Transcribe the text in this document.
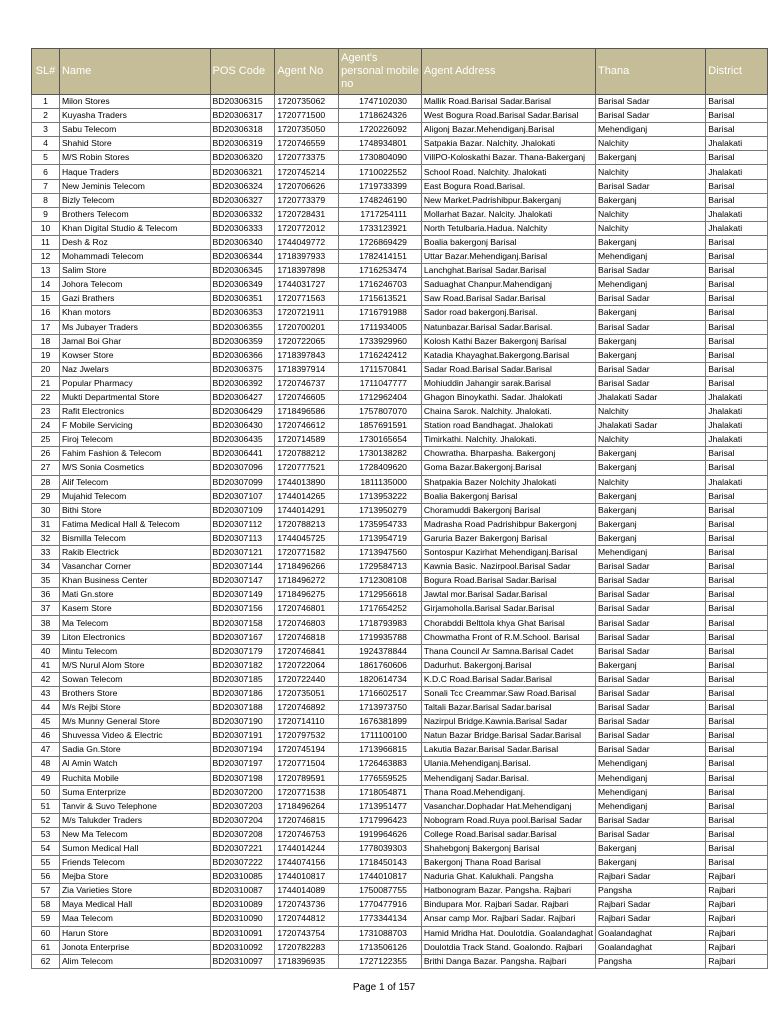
SL#	Name	POS Code	Agent No	Agent's personal mobile no	Agent Address	Thana	District
1	Milon Stores	BD20306315	1720735062	1747102030	Mallik Road.Barisal Sadar.Barisal	Barisal Sadar	Barisal
2	Kuyasha Traders	BD20306317	1720771500	1718624326	West Bogura Road.Barisal Sadar.Barisal	Barisal Sadar	Barisal
3	Sabu Telecom	BD20306318	1720735050	1720226092	Aligonj Bazar.Mehendiganj.Barisal	Mehendiganj	Barisal
4	Shahid Store	BD20306319	1720746559	1748934801	Satpakia Bazar. Nalchity. Jhalokati	Nalchity	Jhalakati
5	M/S Robin Stores	BD20306320	1720773375	1730804090	VillPO-Koloskathi Bazar. Thana-Bakerganj	Bakerganj	Barisal
6	Haque Traders	BD20306321	1720745214	1710022552	School Road. Nalchity. Jhalokati	Nalchity	Jhalakati
7	New Jeminis Telecom	BD20306324	1720706626	1719733399	East Bogura Road.Barisal.	Barisal Sadar	Barisal
8	Bizly Telecom	BD20306327	1720773379	1748246190	New Market.Padrishibpur.Bakerganj	Bakerganj	Barisal
9	Brothers Telecom	BD20306332	1720728431	1717254111	Mollarhat Bazar. Nalcity. Jhalokati	Nalchity	Jhalakati
10	Khan Digital Studio & Telecom	BD20306333	1720772012	1733123921	North Tetulbaria.Hadua. Nalchity	Nalchity	Jhalakati
11	Desh & Roz	BD20306340	1744049772	1726869429	Boalia bakergonj Barisal	Bakerganj	Barisal
12	Mohammadi Telecom	BD20306344	1718397933	1782414151	Uttar Bazar.Mehendiganj.Barisal	Mehendiganj	Barisal
13	Salim Store	BD20306345	1718397898	1716253474	Lanchghat.Barisal Sadar.Barisal	Barisal Sadar	Barisal
14	Johora Telecom	BD20306349	1744031727	1716246703	Saduaghat Chanpur.Mahendiganj	Mehendiganj	Barisal
15	Gazi Brathers	BD20306351	1720771563	1715613521	Saw Road.Barisal Sadar.Barisal	Barisal Sadar	Barisal
16	Khan motors	BD20306353	1720721911	1716791988	Sador road bakergonj.Barisal.	Bakerganj	Barisal
17	Ms Jubayer Traders	BD20306355	1720700201	1711934005	Natunbazar.Barisal Sadar.Barisal.	Barisal Sadar	Barisal
18	Jamal Boi Ghar	BD20306359	1720722065	1733929960	Kolosh Kathi Bazer Bakergonj Barisal	Bakerganj	Barisal
19	Kowser Store	BD20306366	1718397843	1716242412	Katadia Khayaghat.Bakergong.Barisal	Bakerganj	Barisal
20	Naz Jwelars	BD20306375	1718397914	1711570841	Sadar Road.Barisal Sadar.Barisal	Barisal Sadar	Barisal
21	Popular Pharmacy	BD20306392	1720746737	1711047777	Mohiuddin Jahangir sarak.Barisal	Barisal Sadar	Barisal
22	Mukti Departmental Store	BD20306427	1720746605	1712962404	Ghagon Binoykathi. Sadar. Jhalokati	Jhalakati Sadar	Jhalakati
23	Rafit Electronics	BD20306429	1718496586	1757807070	Chaina Sarok. Nalchity. Jhalokati.	Nalchity	Jhalakati
24	F Mobile Servicing	BD20306430	1720746612	1857691591	Station road Bandhagat. Jhalokati	Jhalakati Sadar	Jhalakati
25	Firoj Telecom	BD20306435	1720714589	1730165654	Timirkathi. Nalchity. Jhalokati.	Nalchity	Jhalakati
26	Fahim Fashion & Telecom	BD20306441	1720788212	1730138282	Chowratha. Bharpasha. Bakergonj	Bakerganj	Barisal
27	M/S Sonia Cosmetics	BD20307096	1720777521	1728409620	Goma Bazar.Bakergonj.Barisal	Bakerganj	Barisal
28	Alif Telecom	BD20307099	1744013890	1811135000	Shatpakia Bazer Nolchity Jhalokati	Nalchity	Jhalakati
29	Mujahid Telecom	BD20307107	1744014265	1713953222	Boalia Bakergonj Barisal	Bakerganj	Barisal
30	Bithi Store	BD20307109	1744014291	1713950279	Choramuddi Bakergonj Barisal	Bakerganj	Barisal
31	Fatima Medical Hall & Telecom	BD20307112	1720788213	1735954733	Madrasha Road Padrishibpur Bakergonj	Bakerganj	Barisal
32	Bismilla Telecom	BD20307113	1744045725	1713954719	Garuria Bazer Bakergonj Barisal	Bakerganj	Barisal
33	Rakib Electrick	BD20307121	1720771582	1713947560	Sontospur Kazirhat Mehendiganj.Barisal	Mehendiganj	Barisal
34	Vasanchar Corner	BD20307144	1718496266	1729584713	Kawnia Basic. Nazirpool.Barisal Sadar	Barisal Sadar	Barisal
35	Khan Business Center	BD20307147	1718496272	1712308108	Bogura Road.Barisal Sadar.Barisal	Barisal Sadar	Barisal
36	Mati Gn.store	BD20307149	1718496275	1712956618	Jawtal mor.Barisal Sadar.Barisal	Barisal Sadar	Barisal
37	Kasem Store	BD20307156	1720746801	1717654252	Girjamoholla.Barisal Sadar.Barisal	Barisal Sadar	Barisal
38	Ma Telecom	BD20307158	1720746803	1718793983	Chorabddi Belttola khya Ghat Barisal	Barisal Sadar	Barisal
39	Liton Electronics	BD20307167	1720746818	1719935788	Chowmatha Front of R.M.School. Barisal	Barisal Sadar	Barisal
40	Mintu Telecom	BD20307179	1720746841	1924378844	Thana Council Ar Samna.Barisal Cadet	Barisal Sadar	Barisal
41	M/S Nurul Alom Store	BD20307182	1720722064	1861760606	Dadurhut. Bakergonj.Barisal	Bakerganj	Barisal
42	Sowan Telecom	BD20307185	1720722440	1820614734	K.D.C Road.Barisal Sadar.Barisal	Barisal Sadar	Barisal
43	Brothers Store	BD20307186	1720735051	1716602517	Sonali Tcc Creammar.Saw Road.Barisal	Barisal Sadar	Barisal
44	M/s Rejbi Store	BD20307188	1720746892	1713973750	Taltali Bazar.Barisal Sadar.barisal	Barisal Sadar	Barisal
45	M/s Munny General Store	BD20307190	1720714110	1676381899	Nazirpul Bridge.Kawnia.Barisal Sadar	Barisal Sadar	Barisal
46	Shuvessa Video & Electric	BD20307191	1720797532	1711100100	Natun Bazar Bridge.Barisal Sadar.Barisal	Barisal Sadar	Barisal
47	Sadia Gn.Store	BD20307194	1720745194	1713966815	Lakutia Bazar.Barisal Sadar.Barisal	Barisal Sadar	Barisal
48	Al Amin Watch	BD20307197	1720771504	1726463883	Ulania.Mehendiganj.Barisal.	Mehendiganj	Barisal
49	Ruchita Mobile	BD20307198	1720789591	1776559525	Mehendiganj Sadar.Barisal.	Mehendiganj	Barisal
50	Suma Enterprize	BD20307200	1720771538	1718054871	Thana Road.Mehendiganj.	Mehendiganj	Barisal
51	Tanvir & Suvo Telephone	BD20307203	1718496264	1713951477	Vasanchar.Dophadar Hat.Mehendiganj	Mehendiganj	Barisal
52	M/s Talukder Traders	BD20307204	1720746815	1717996423	Nobogram Road.Ruya pool.Barisal Sadar	Barisal Sadar	Barisal
53	New Ma Telecom	BD20307208	1720746753	1919964626	College Road.Barisal sadar.Barisal	Barisal Sadar	Barisal
54	Sumon Medical Hall	BD20307221	1744014244	1778039303	Shahebgonj Bakergonj Barisal	Bakerganj	Barisal
55	Friends Telecom	BD20307222	1744074156	1718450143	Bakergonj Thana Road Barisal	Bakerganj	Barisal
56	Mejba Store	BD20310085	1744010817	1744010817	Naduria Ghat. Kalukhali. Pangsha	Rajbari Sadar	Rajbari
57	Zia Varieties Store	BD20310087	1744014089	1750087755	Hatbonogram Bazar. Pangsha. Rajbari	Pangsha	Rajbari
58	Maya Medical Hall	BD20310089	1720743736	1770477916	Bindupara Mor. Rajbari Sadar. Rajbari	Rajbari Sadar	Rajbari
59	Maa Telecom	BD20310090	1720744812	1773344134	Ansar camp Mor. Rajbari Sadar. Rajbari	Rajbari Sadar	Rajbari
60	Harun Store	BD20310091	1720743754	1731088703	Hamid Mridha Hat. Doulotdia. Goalandaghat	Goalandaghat	Rajbari
61	Jonota Enterprise	BD20310092	1720782283	1713506126	Doulotdia Track Stand. Goalondo. Rajbari	Goalandaghat	Rajbari
62	Alim Telecom	BD20310097	1718396935	1727122355	Brithi Danga Bazar. Pangsha. Rajbari	Pangsha	Rajbari
Page 1 of 157
